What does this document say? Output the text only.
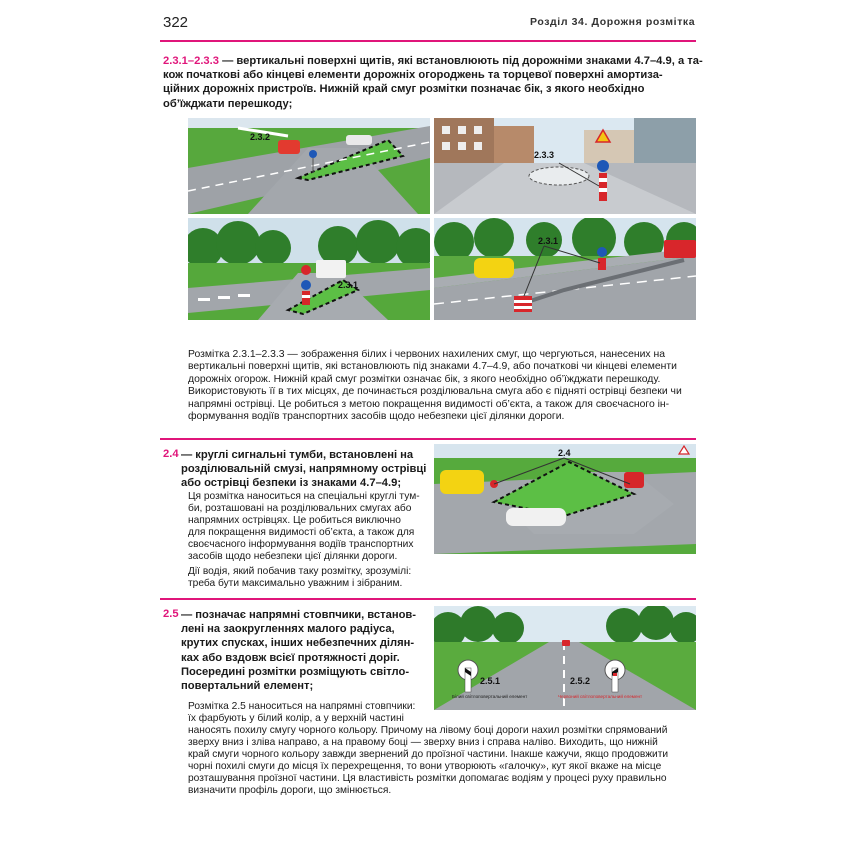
322	Розділ 34. Дорожня розмітка
2.3.1–2.3.3 — вертикальні поверхні щитів, які встановлюють під дорожніми знаками 4.7–4.9, а та-
кож початкові або кінцеві елементи дорожніх огороджень та торцевої поверхні амортиза-
ційних дорожніх пристроїв. Нижній край смуг розмітки позначає бік, з якого необхідно
об’їжджати перешкоду;
2.3.2
2.3.3
2.3.1
2.3.1
Розмітка 2.3.1–2.3.3 — зображення білих і червоних нахилених смуг, що чергуються, нанесених на
вертикальні поверхні щитів, які встановлюють під знаками 4.7–4.9, або початкові чи кінцеві елементи
дорожніх огорож. Нижній край смуг розмітки означає бік, з якого необхідно об’їжджати перешкоду.
Використовують її в тих місцях, де починається розділювальна смуга або є підняті острівці безпеки чи
напрямні острівці. Це робиться з метою покращення видимості об’єкта, а також для своєчасного ін-
формування водіїв транспортних засобів щодо небезпеки цієї ділянки дороги.
2.4 — круглі сигнальні тумби, встановлені на
розділювальній смузі, напрямному острівці
або острівці безпеки із знаками 4.7–4.9;
Ця розмітка наноситься на спеціальні круглі тум-
би, розташовані на розділювальних смугах або
напрямних острівцях. Це робиться виключно
для покращення видимості об’єкта, а також для
своєчасного інформування водіїв транспортних
засобів щодо небезпеки цієї ділянки дороги.
Дії водія, який побачив таку розмітку, зрозумілі:
треба бути максимально уважним і зібраним.
2.4
2.5 — позначає напрямні стовпчики, встанов-
лені на заокругленнях малого радіуса,
крутих спусках, інших небезпечних ділян-
ках або вздовж всієї протяжності доріг.
Посередині розмітки розміщують світло-
повертальний елемент;
Розмітка 2.5 наноситься на напрямні стовпчики:
їх фарбують у білий колір, а у верхній частині
наносять похилу смугу чорного кольору. Причому на лівому боці дороги нахил розмітки спрямований
зверху вниз і зліва направо, а на правому боці — зверху вниз і справа наліво. Виходить, що нижній
край смуги чорного кольору завжди звернений до проїзної частини. Інакше кажучи, якщо продовжити
чорні похилі смуги до місця їх перехрещення, то вони утворюють «галочку», кут якої вкаже на місце
розташування проїзної частини. Ця властивість розмітки допомагає водіям у процесі руху правильно
визначити профіль дороги, що змінюється.
2.5.1	2.5.2
Білий світлоповертальний елемент	Червоний світлоповертальний елемент
